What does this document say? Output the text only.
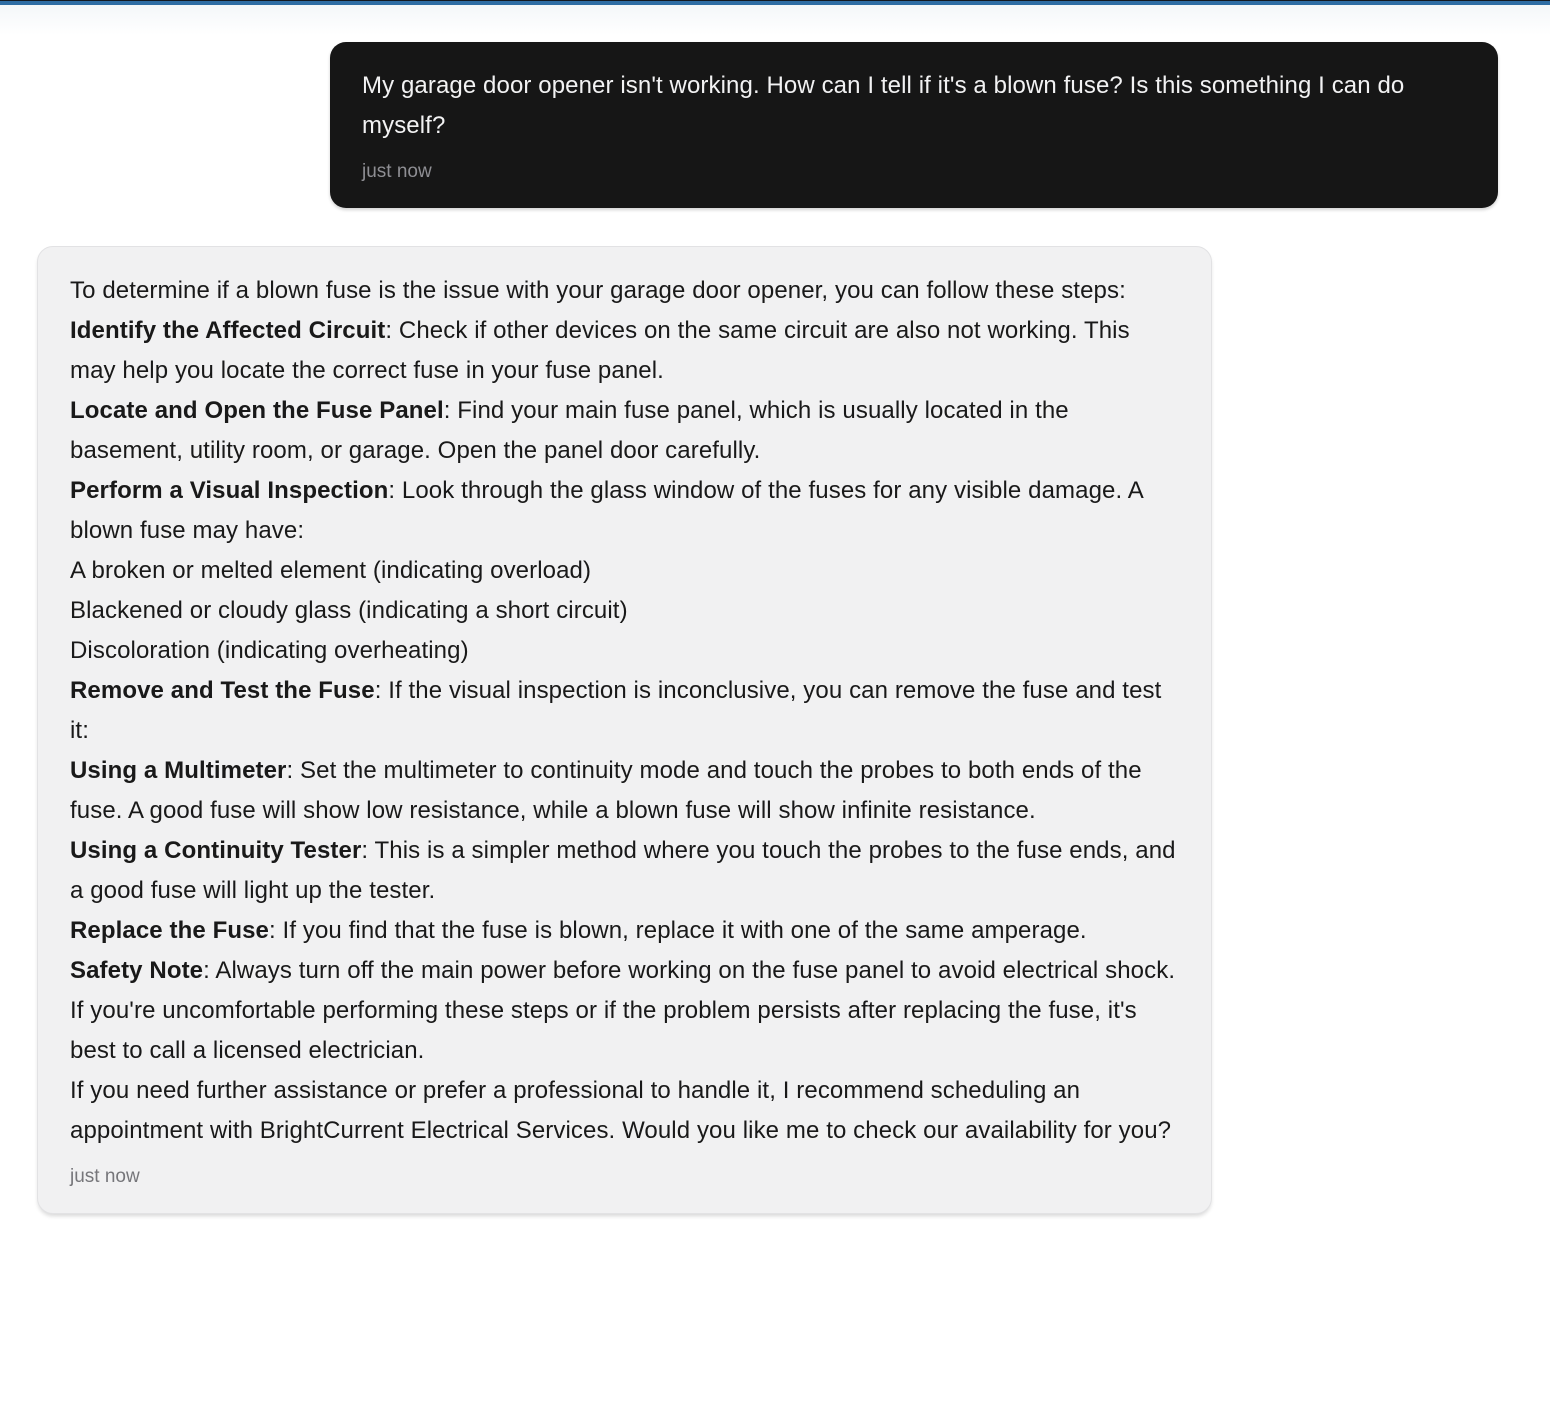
My garage door opener isn't working. How can I tell if it's a blown fuse? Is this something I can do myself?
just now

To determine if a blown fuse is the issue with your garage door opener, you can follow these steps:

Identify the Affected Circuit: Check if other devices on the same circuit are also not working. This may help you locate the correct fuse in your fuse panel.

Locate and Open the Fuse Panel: Find your main fuse panel, which is usually located in the basement, utility room, or garage. Open the panel door carefully.

Perform a Visual Inspection: Look through the glass window of the fuses for any visible damage. A blown fuse may have:

A broken or melted element (indicating overload)

Blackened or cloudy glass (indicating a short circuit)

Discoloration (indicating overheating)

Remove and Test the Fuse: If the visual inspection is inconclusive, you can remove the fuse and test it:

Using a Multimeter: Set the multimeter to continuity mode and touch the probes to both ends of the fuse. A good fuse will show low resistance, while a blown fuse will show infinite resistance.

Using a Continuity Tester: This is a simpler method where you touch the probes to the fuse ends, and a good fuse will light up the tester.

Replace the Fuse: If you find that the fuse is blown, replace it with one of the same amperage.

Safety Note: Always turn off the main power before working on the fuse panel to avoid electrical shock. If you're uncomfortable performing these steps or if the problem persists after replacing the fuse, it's best to call a licensed electrician.

If you need further assistance or prefer a professional to handle it, I recommend scheduling an appointment with BrightCurrent Electrical Services. Would you like me to check our availability for you?

just now
